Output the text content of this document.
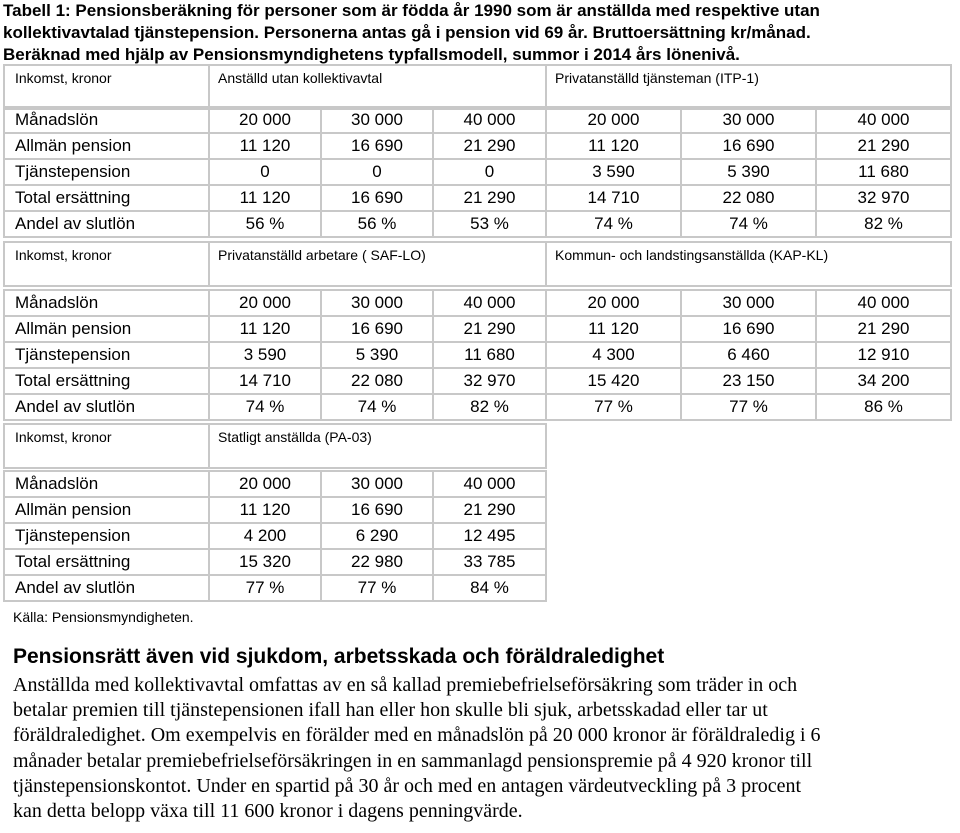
Tabell 1: Pensionsberäkning för personer som är födda år 1990 som är anställda med respektive utan
kollektivavtalad tjänstepension. Personerna antas gå i pension vid 69 år. Bruttoersättning kr/månad.
Beräknad med hjälp av Pensionsmyndighetens typfallsmodell, summor i 2014 års lönenivå.
Inkomst, kronor	Anställd utan kollektivavtal	Privatanställd tjänsteman (ITP-1)
Månadslön	20 000	30 000	40 000	20 000	30 000	40 000
Allmän pension	11 120	16 690	21 290	11 120	16 690	21 290
Tjänstepension	0	0	0	3 590	5 390	11 680
Total ersättning	11 120	16 690	21 290	14 710	22 080	32 970
Andel av slutlön	56 %	56 %	53 %	74 %	74 %	82 %
Inkomst, kronor	Privatanställd arbetare ( SAF-LO)	Kommun- och landstingsanställda (KAP-KL)
Månadslön	20 000	30 000	40 000	20 000	30 000	40 000
Allmän pension	11 120	16 690	21 290	11 120	16 690	21 290
Tjänstepension	3 590	5 390	11 680	4 300	6 460	12 910
Total ersättning	14 710	22 080	32 970	15 420	23 150	34 200
Andel av slutlön	74 %	74 %	82 %	77 %	77 %	86 %
Inkomst, kronor	Statligt anställda (PA-03)
Månadslön	20 000	30 000	40 000
Allmän pension	11 120	16 690	21 290
Tjänstepension	4 200	6 290	12 495
Total ersättning	15 320	22 980	33 785
Andel av slutlön	77 %	77 %	84 %
Källa: Pensionsmyndigheten.
Pensionsrätt även vid sjukdom, arbetsskada och föräldraledighet

Anställda med kollektivavtal omfattas av en så kallad premiebefrielseförsäkring som träder in och

betalar premien till tjänstepensionen ifall han eller hon skulle bli sjuk, arbetsskadad eller tar ut

föräldraledighet. Om exempelvis en förälder med en månadslön på 20 000 kronor är föräldraledig i 6

månader betalar premiebefrielseförsäkringen in en sammanlagd pensionspremie på 4 920 kronor till

tjänstepensionskontot. Under en spartid på 30 år och med en antagen värdeutveckling på 3 procent

kan detta belopp växa till 11 600 kronor i dagens penningvärde.
